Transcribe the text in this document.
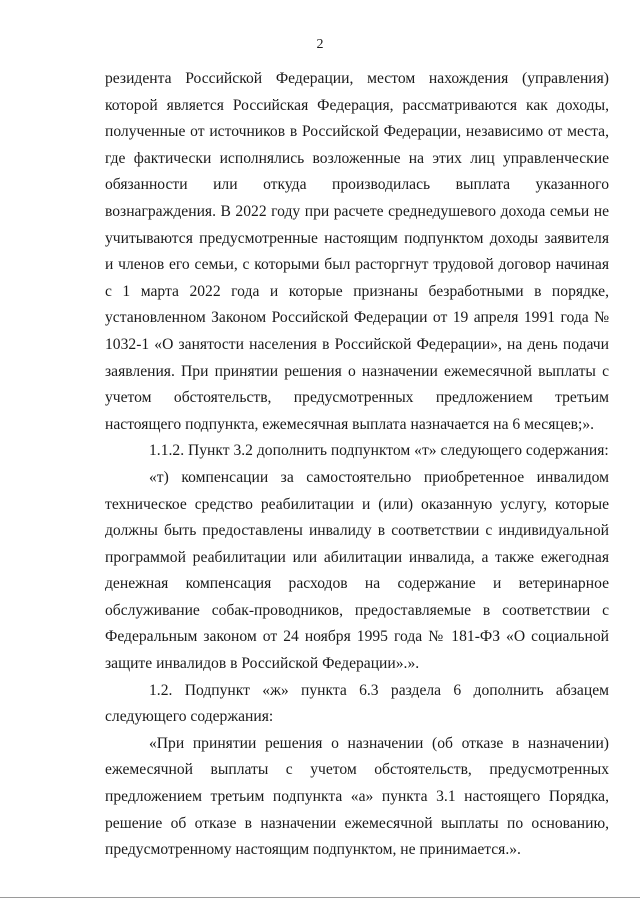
2

резидента Российской Федерации, местом нахождения (управления) которой является Российская Федерация, рассматриваются как доходы, полученные от источников в Российской Федерации, независимо от места, где фактически исполнялись возложенные на этих лиц управленческие обязанности или откуда производилась выплата указанного вознаграждения. В 2022 году при расчете среднедушевого дохода семьи не учитываются предусмотренные настоящим подпунктом доходы заявителя и членов его семьи, с которыми был расторгнут трудовой договор начиная с 1 марта 2022 года и которые признаны безработными в порядке, установленном Законом Российской Федерации от 19 апреля 1991 года № 1032-1 «О занятости населения в Российской Федерации», на день подачи заявления. При принятии решения о назначении ежемесячной выплаты с учетом обстоятельств, предусмотренных предложением третьим настоящего подпункта, ежемесячная выплата назначается на 6 месяцев;».

1.1.2. Пункт 3.2 дополнить подпунктом «т» следующего содержания:

«т) компенсации за самостоятельно приобретенное инвалидом техническое средство реабилитации и (или) оказанную услугу, которые должны быть предоставлены инвалиду в соответствии с индивидуальной программой реабилитации или абилитации инвалида, а также ежегодная денежная компенсация расходов на содержание и ветеринарное обслуживание собак-проводников, предоставляемые в соответствии с Федеральным законом от 24 ноября 1995 года № 181-ФЗ «О социальной защите инвалидов в Российской Федерации».».

1.2. Подпункт «ж» пункта 6.3 раздела 6 дополнить абзацем следующего содержания:

«При принятии решения о назначении (об отказе в назначении) ежемесячной выплаты с учетом обстоятельств, предусмотренных предложением третьим подпункта «а» пункта 3.1 настоящего Порядка, решение об отказе в назначении ежемесячной выплаты по основанию, предусмотренному настоящим подпунктом, не принимается.».
